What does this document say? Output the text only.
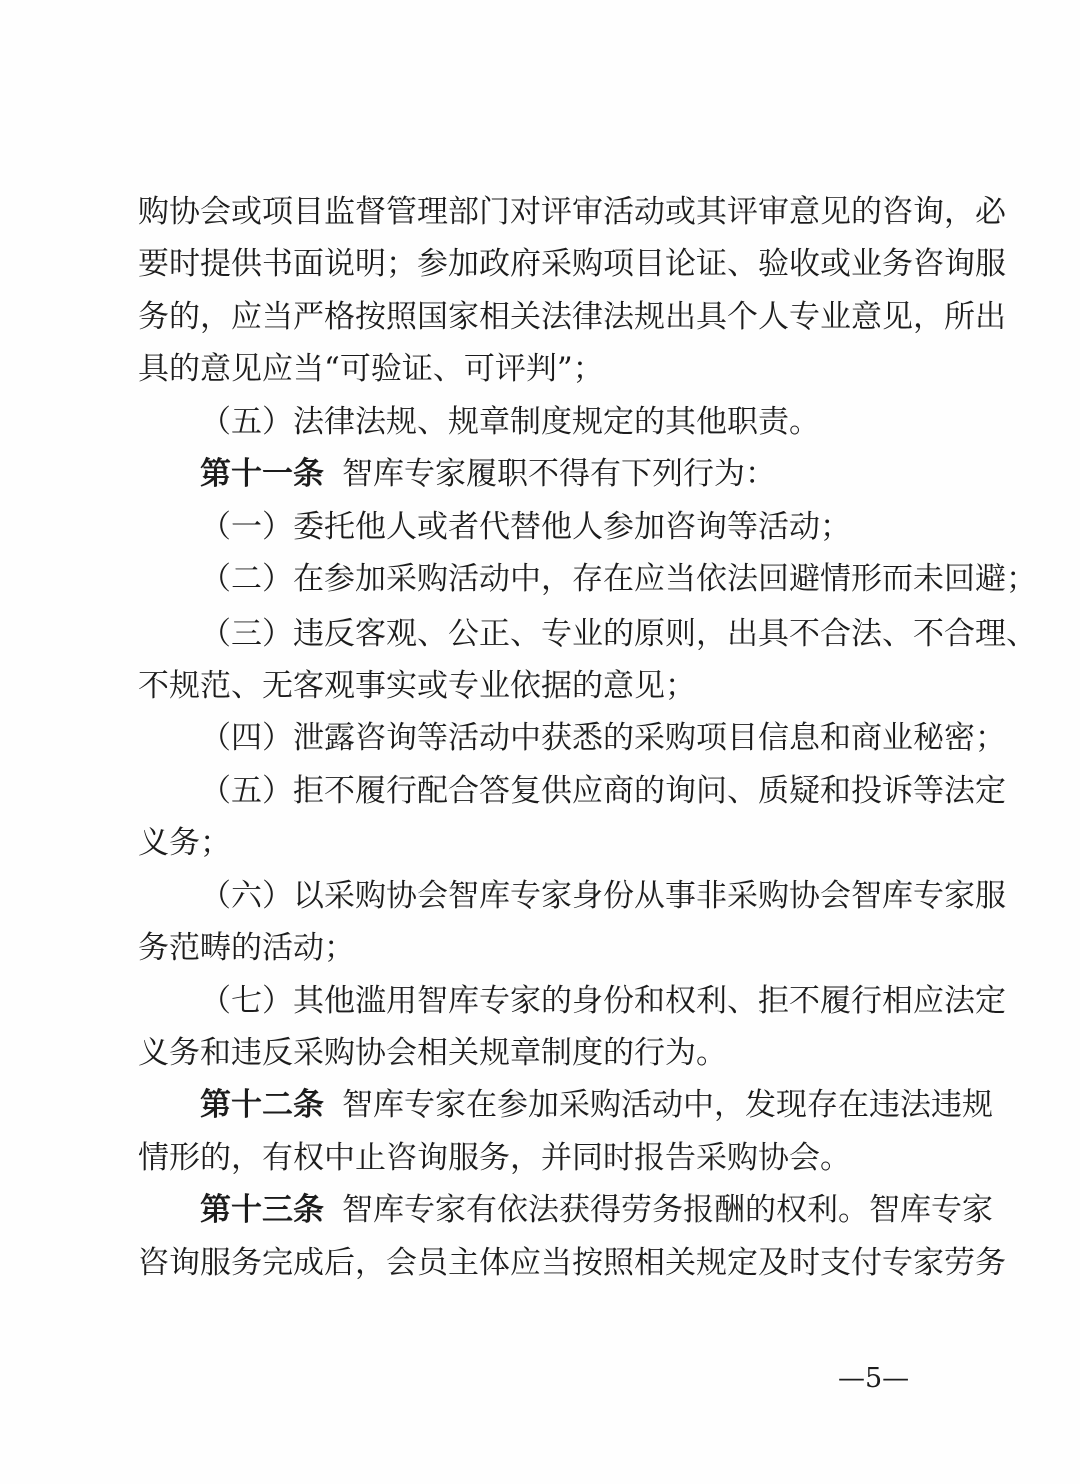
购协会或项目监督管理部门对评审活动或其评审意见的咨询，必
要时提供书面说明；参加政府采购项目论证、验收或业务咨询服
务的，应当严格按照国家相关法律法规出具个人专业意见，所出
具的意见应当“可验证、可评判”；
（五）法律法规、规章制度规定的其他职责。
第十一条 智库专家履职不得有下列行为：
（一）委托他人或者代替他人参加咨询等活动；
（二）在参加采购活动中，存在应当依法回避情形而未回避；
（三）违反客观、公正、专业的原则，出具不合法、不合理、
不规范、无客观事实或专业依据的意见；
（四）泄露咨询等活动中获悉的采购项目信息和商业秘密；
（五）拒不履行配合答复供应商的询问、质疑和投诉等法定
义务；
（六）以采购协会智库专家身份从事非采购协会智库专家服
务范畴的活动；
（七）其他滥用智库专家的身份和权利、拒不履行相应法定
义务和违反采购协会相关规章制度的行为。
第十二条 智库专家在参加采购活动中，发现存在违法违规
情形的，有权中止咨询服务，并同时报告采购协会。
第十三条 智库专家有依法获得劳务报酬的权利。智库专家
咨询服务完成后，会员主体应当按照相关规定及时支付专家劳务
—5—
